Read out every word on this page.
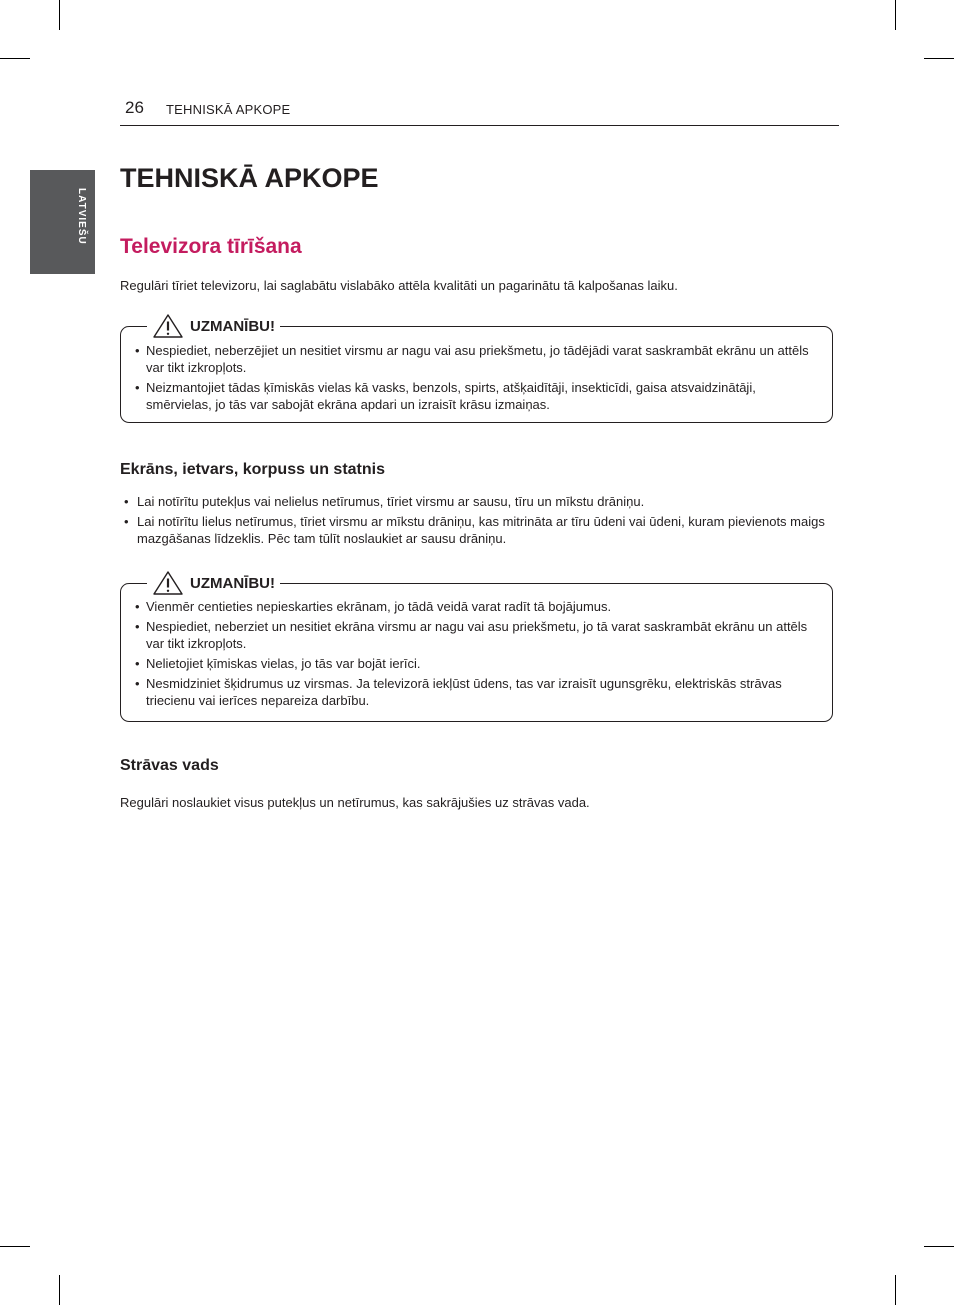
26 TEHNISKĀ APKOPE
LATVIEŠU
TEHNISKĀ APKOPE
Televizora tīrīšana

Regulāri tīriet televizoru, lai saglabātu vislabāko attēla kvalitāti un pagarinātu tā kalpošanas laiku.

UZMANĪBU!
• Nespiediet, neberzējiet un nesitiet virsmu ar nagu vai asu priekšmetu, jo tādējādi varat saskrambāt ekrānu un attēls var tikt izkropļots.
• Neizmantojiet tādas ķīmiskās vielas kā vasks, benzols, spirts, atšķaidītāji, insekticīdi, gaisa atsvaidzinātāji, smērvielas, jo tās var sabojāt ekrāna apdari un izraisīt krāsu izmaiņas.
Ekrāns, ietvars, korpuss un statnis
• Lai notīrītu putekļus vai nelielus netīrumus, tīriet virsmu ar sausu, tīru un mīkstu drāniņu.
• Lai notīrītu lielus netīrumus, tīriet virsmu ar mīkstu drāniņu, kas mitrināta ar tīru ūdeni vai ūdeni, kuram pievienots maigs mazgāšanas līdzeklis. Pēc tam tūlīt noslaukiet ar sausu drāniņu.
UZMANĪBU!
• Vienmēr centieties nepieskarties ekrānam, jo tādā veidā varat radīt tā bojājumus.
• Nespiediet, neberziet un nesitiet ekrāna virsmu ar nagu vai asu priekšmetu, jo tā varat saskrambāt ekrānu un attēls var tikt izkropļots.
• Nelietojiet ķīmiskas vielas, jo tās var bojāt ierīci.
• Nesmidziniet šķidrumus uz virsmas. Ja televizorā iekļūst ūdens, tas var izraisīt ugunsgrēku, elektriskās strāvas triecienu vai ierīces nepareiza darbību.
Strāvas vads

Regulāri noslaukiet visus putekļus un netīrumus, kas sakrājušies uz strāvas vada.
